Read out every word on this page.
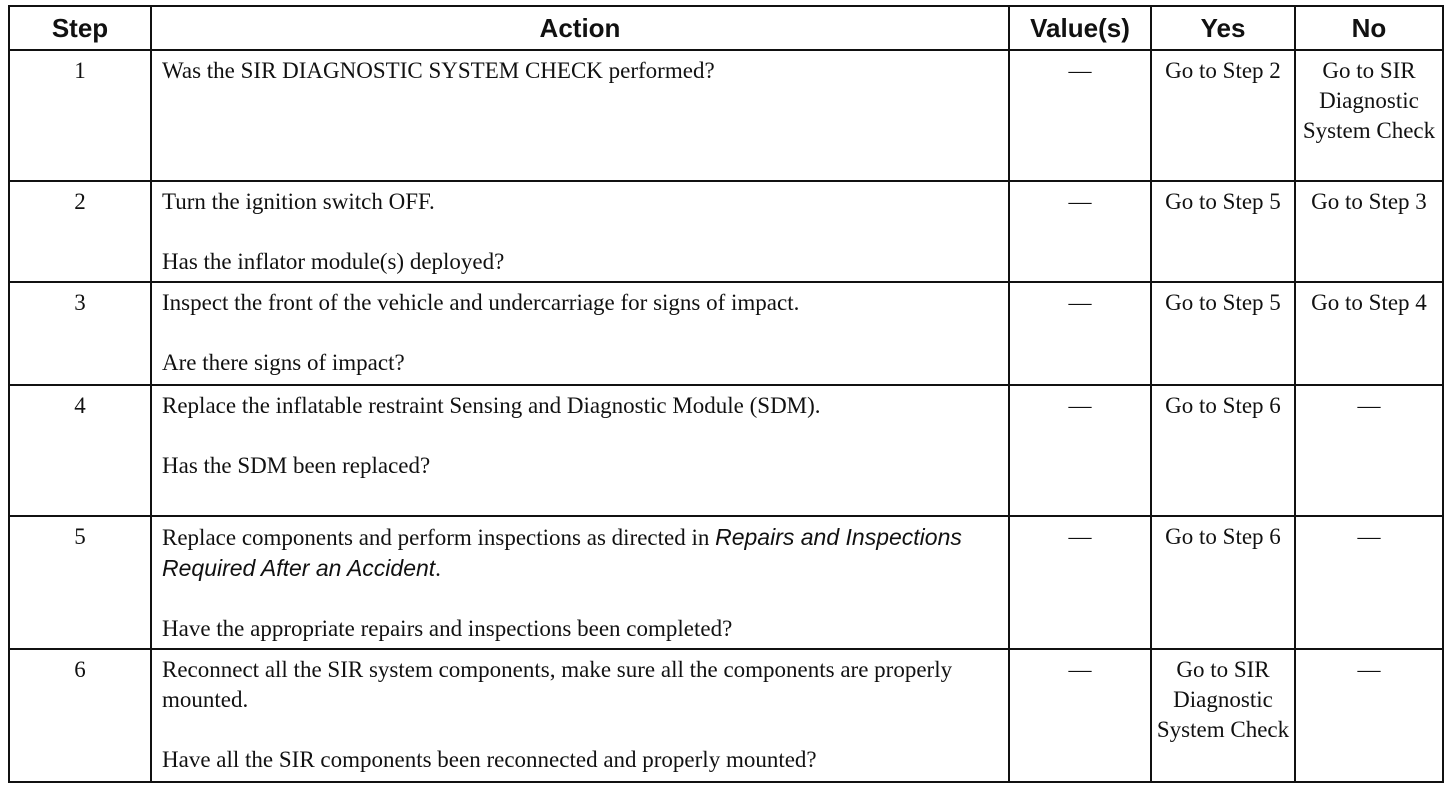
Step	Action	Value(s)	Yes	No
1	Was the SIR DIAGNOSTIC SYSTEM CHECK performed?	—	Go to Step 2	Go to SIR Diagnostic System Check

2	Turn the ignition switch OFF.
Has the inflator module(s) deployed?	—	Go to Step 5	Go to Step 3

3	Inspect the front of the vehicle and undercarriage for signs of impact.
Are there signs of impact?	—	Go to Step 5	Go to Step 4

4	Replace the inflatable restraint Sensing and Diagnostic Module (SDM).
Has the SDM been replaced?	—	Go to Step 6	—
5	Replace components and perform inspections as directed in Repairs and Inspections Required After an Accident.
Have the appropriate repairs and inspections been completed?	—	Go to Step 6	—
6	Reconnect all the SIR system components, make sure all the components are properly mounted.
Have all the SIR components been reconnected and properly mounted?	—	Go to SIR Diagnostic System Check	—
